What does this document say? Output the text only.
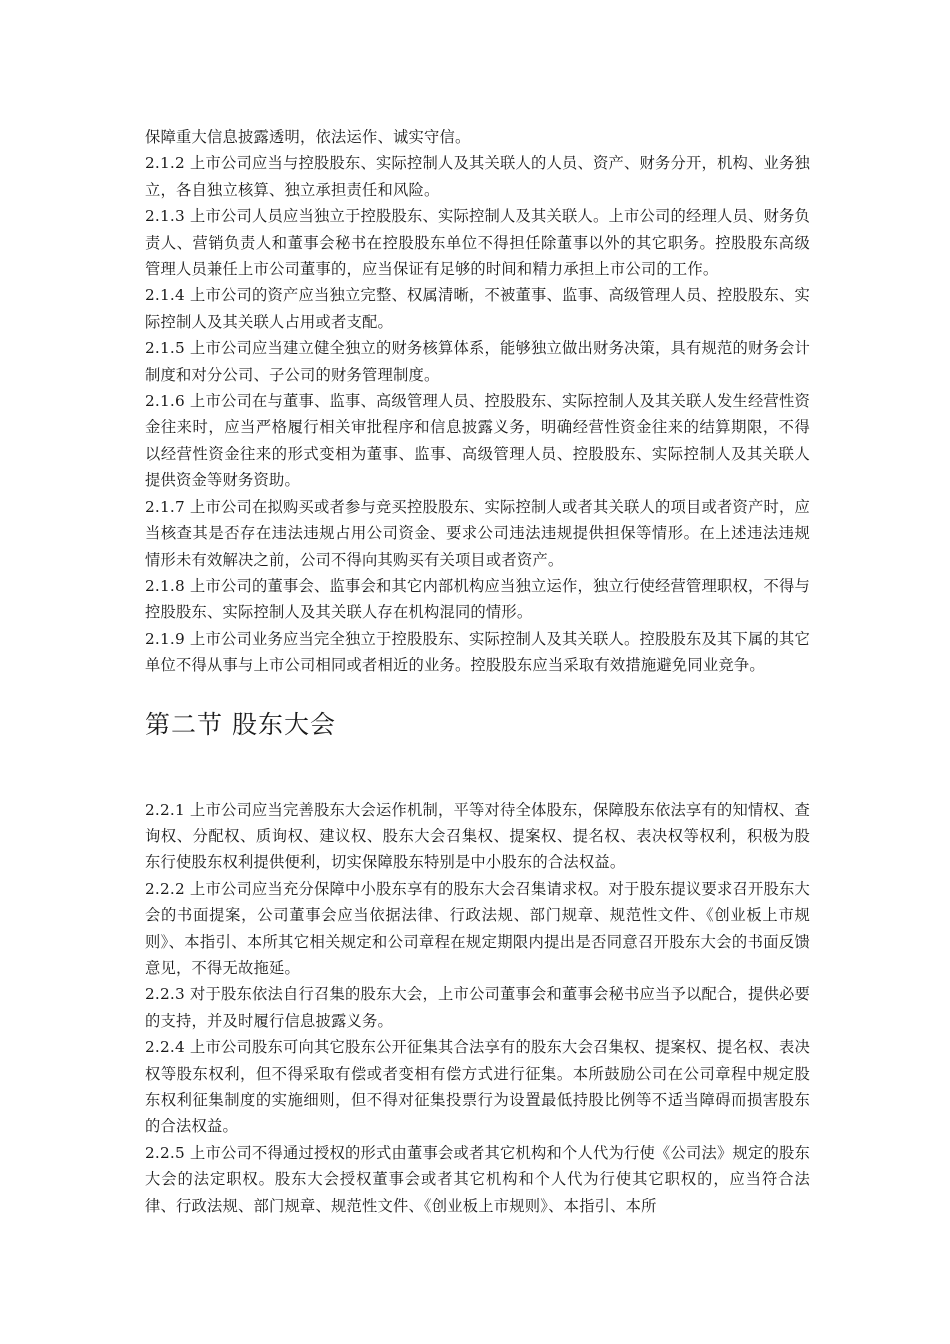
保障重大信息披露透明，依法运作、诚实守信。

2.1.2 上市公司应当与控股股东、实际控制人及其关联人的人员、资产、财务分开，机构、业务独立，各自独立核算、独立承担责任和风险。

2.1.3 上市公司人员应当独立于控股股东、实际控制人及其关联人。上市公司的经理人员、财务负责人、营销负责人和董事会秘书在控股股东单位不得担任除董事以外的其它职务。控股股东高级管理人员兼任上市公司董事的，应当保证有足够的时间和精力承担上市公司的工作。

2.1.4 上市公司的资产应当独立完整、权属清晰，不被董事、监事、高级管理人员、控股股东、实际控制人及其关联人占用或者支配。

2.1.5 上市公司应当建立健全独立的财务核算体系，能够独立做出财务决策，具有规范的财务会计制度和对分公司、子公司的财务管理制度。

2.1.6 上市公司在与董事、监事、高级管理人员、控股股东、实际控制人及其关联人发生经营性资金往来时，应当严格履行相关审批程序和信息披露义务，明确经营性资金往来的结算期限，不得以经营性资金往来的形式变相为董事、监事、高级管理人员、控股股东、实际控制人及其关联人提供资金等财务资助。

2.1.7 上市公司在拟购买或者参与竞买控股股东、实际控制人或者其关联人的项目或者资产时，应当核查其是否存在违法违规占用公司资金、要求公司违法违规提供担保等情形。在上述违法违规情形未有效解决之前，公司不得向其购买有关项目或者资产。

2.1.8 上市公司的董事会、监事会和其它内部机构应当独立运作，独立行使经营管理职权，不得与控股股东、实际控制人及其关联人存在机构混同的情形。

2.1.9 上市公司业务应当完全独立于控股股东、实际控制人及其关联人。控股股东及其下属的其它单位不得从事与上市公司相同或者相近的业务。控股股东应当采取有效措施避免同业竞争。

第二节 股东大会

2.2.1 上市公司应当完善股东大会运作机制，平等对待全体股东，保障股东依法享有的知情权、查询权、分配权、质询权、建议权、股东大会召集权、提案权、提名权、表决权等权利，积极为股东行使股东权利提供便利，切实保障股东特别是中小股东的合法权益。

2.2.2 上市公司应当充分保障中小股东享有的股东大会召集请求权。对于股东提议要求召开股东大会的书面提案，公司董事会应当依据法律、行政法规、部门规章、规范性文件、《创业板上市规则》、本指引、本所其它相关规定和公司章程在规定期限内提出是否同意召开股东大会的书面反馈意见，不得无故拖延。

2.2.3 对于股东依法自行召集的股东大会，上市公司董事会和董事会秘书应当予以配合，提供必要的支持，并及时履行信息披露义务。

2.2.4 上市公司股东可向其它股东公开征集其合法享有的股东大会召集权、提案权、提名权、表决权等股东权利，但不得采取有偿或者变相有偿方式进行征集。本所鼓励公司在公司章程中规定股东权利征集制度的实施细则，但不得对征集投票行为设置最低持股比例等不适当障碍而损害股东的合法权益。

2.2.5 上市公司不得通过授权的形式由董事会或者其它机构和个人代为行使《公司法》规定的股东大会的法定职权。股东大会授权董事会或者其它机构和个人代为行使其它职权的，应当符合法律、行政法规、部门规章、规范性文件、《创业板上市规则》、本指引、本所
